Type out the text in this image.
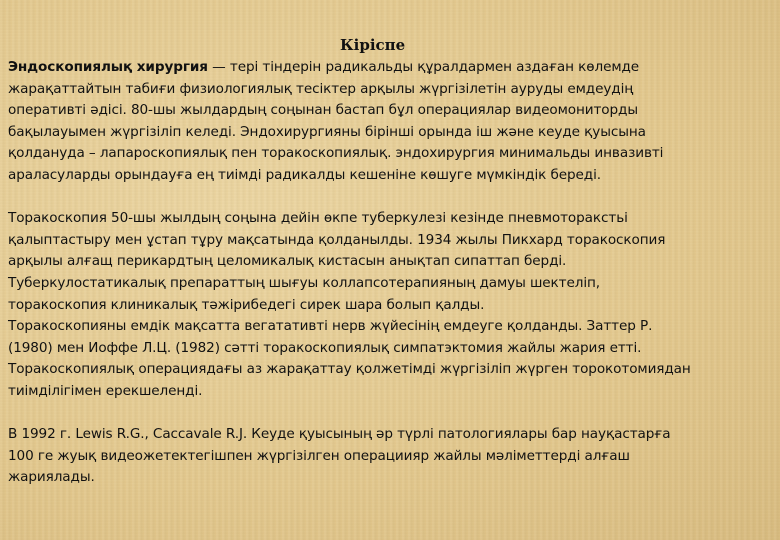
Кіріспе
Эндоскопиялық хирургия — тері тіндерін радикальды құралдармен аздаған көлемде
жарақаттайтын табиғи физиологиялық тесіктер арқылы жүргізілетін ауруды емдеудің
оперативті әдісі. 80-шы жылдардың соңынан бастап бұл операциялар видеомониторды
бақылауымен жүргізіліп келеді. Эндохирургияны бірінші орында іш және кеуде қуысына
қолдануда – лапароскопиялық пен торакоскопиялық. эндохирургия минимальды инвазивті
араласуларды орындауға ең тиімді радикалды кешеніне көшуге мүмкіндік береді.
Торакоскопия 50-шы жылдың соңына дейін өкпе туберкулезі кезінде пневмоторакстьі
қалыптастыру мен ұстап тұру мақсатында қолданылды. 1934 жылы Пикхард торакоскопия
арқылы алғащ перикардтың целомикалық кистасын анықтап сипаттап берді.
Туберкулостатикалық препараттың шығуы коллапсотерапияның дамуы шектеліп,
торакоскопия клиникалық тәжірибедегі сирек шара болып қалды.
Торакоскопияны емдік мақсатта вегатативті нерв жүйесінің емдеуге қолданды. Заттер Р.
(1980) мен Иоффе Л.Ц. (1982) сәтті торакоскопиялық симпатэктомия жайлы жария етті.
Торакоскопиялық операциядағы аз жарақаттау қолжетімді жүргізіліп жүрген торокотомиядан
тиімділігімен ерекшеленді.
В 1992 г. Lewis R.G., Caccavale R.J. Кеуде қуысының әр түрлі патологиялары бар науқастарға
100 ге жуық видеожетектегішпен жүргізілген операциияр жайлы мәліметтерді алғаш
жариялады.
